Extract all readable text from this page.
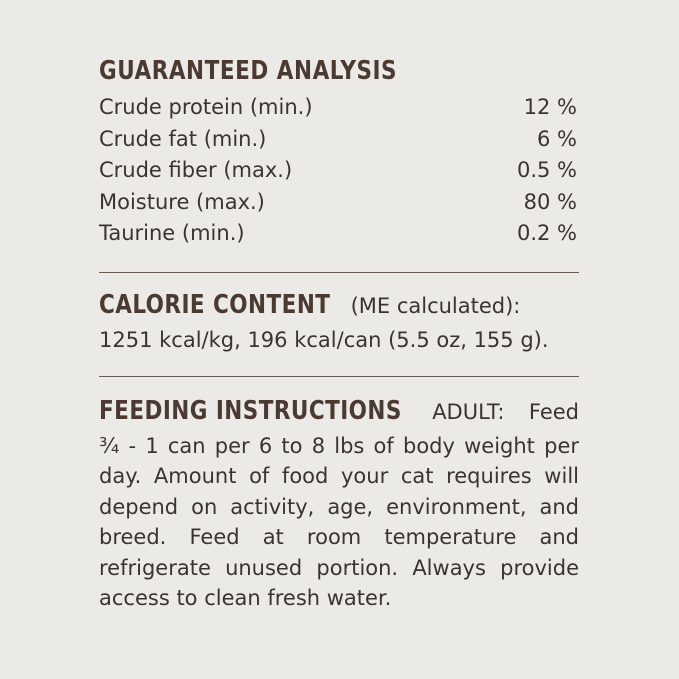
GUARANTEED ANALYSIS
Crude protein (min.)	12 %
Crude fat (min.)	6 %
Crude fiber (max.)	0.5 %
Moisture (max.)	80 %
Taurine (min.)	0.2 %

CALORIE CONTENT (ME calculated):

1251 kcal/kg, 196 kcal/can (5.5 oz, 155 g).

FEEDING INSTRUCTIONS ADULT: Feed ¾ - 1 can per 6 to 8 lbs of body weight per day. Amount of food your cat requires will depend on activity, age, environment, and breed. Feed at room temperature and refrigerate unused portion. Always provide access to clean fresh water.
